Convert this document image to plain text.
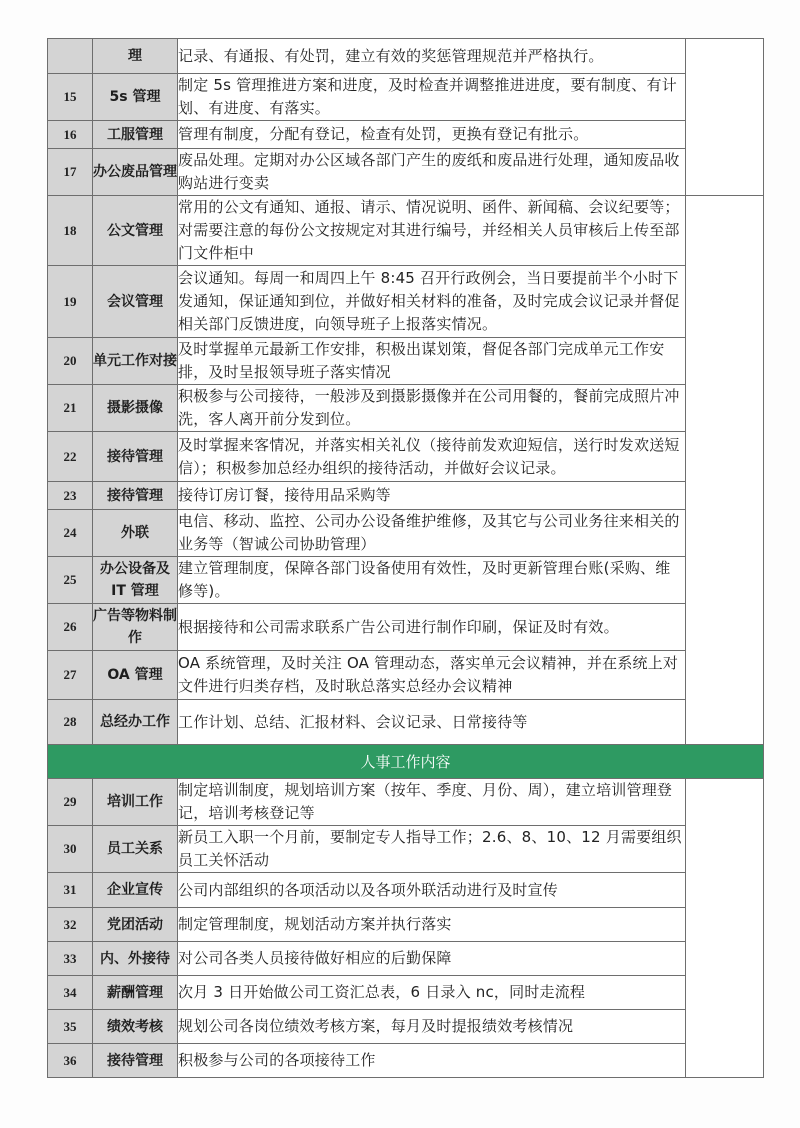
	理	记录、有通报、有处罚，建立有效的奖惩管理规范并严格执行。	
15	5s 管理	制定 5s 管理推进方案和进度，及时检查并调整推进进度，要有制度、有计划、有进度、有落实。	
16	工服管理	管理有制度，分配有登记，检查有处罚，更换有登记有批示。	
17	办公废品管理	废品处理。定期对办公区域各部门产生的废纸和废品进行处理，通知废品收购站进行变卖	
18	公文管理	常用的公文有通知、通报、请示、情况说明、函件、新闻稿、会议纪要等；对需要注意的每份公文按规定对其进行编号，并经相关人员审核后上传至部门文件柜中	
19	会议管理	会议通知。每周一和周四上午 8:45 召开行政例会，当日要提前半个小时下发通知，保证通知到位，并做好相关材料的准备，及时完成会议记录并督促相关部门反馈进度，向领导班子上报落实情况。	
20	单元工作对接	及时掌握单元最新工作安排，积极出谋划策，督促各部门完成单元工作安排，及时呈报领导班子落实情况	
21	摄影摄像	积极参与公司接待，一般涉及到摄影摄像并在公司用餐的，餐前完成照片冲洗，客人离开前分发到位。	
22	接待管理	及时掌握来客情况，并落实相关礼仪（接待前发欢迎短信，送行时发欢送短信）；积极参加总经办组织的接待活动，并做好会议记录。	
23	接待管理	接待订房订餐，接待用品采购等	
24	外联	电信、移动、监控、公司办公设备维护维修，及其它与公司业务往来相关的业务等（智诚公司协助管理）	
25	办公设备及 IT 管理	建立管理制度，保障各部门设备使用有效性，及时更新管理台账(采购、维修等)。	
26	广告等物料制作	根据接待和公司需求联系广告公司进行制作印刷，保证及时有效。	
27	OA 管理	OA 系统管理，及时关注 OA 管理动态，落实单元会议精神，并在系统上对文件进行归类存档，及时耿总落实总经办会议精神	
28	总经办工作	工作计划、总结、汇报材料、会议记录、日常接待等	
人事工作内容			
29	培训工作	制定培训制度，规划培训方案（按年、季度、月份、周），建立培训管理登记，培训考核登记等	
30	员工关系	新员工入职一个月前，要制定专人指导工作；2.6、8、10、12 月需要组织员工关怀活动	
31	企业宣传	公司内部组织的各项活动以及各项外联活动进行及时宣传	
32	党团活动	制定管理制度，规划活动方案并执行落实	
33	内、外接待	对公司各类人员接待做好相应的后勤保障	
34	薪酬管理	次月 3 日开始做公司工资汇总表，6 日录入 nc，同时走流程	
35	绩效考核	规划公司各岗位绩效考核方案，每月及时提报绩效考核情况	
36	接待管理	积极参与公司的各项接待工作	
